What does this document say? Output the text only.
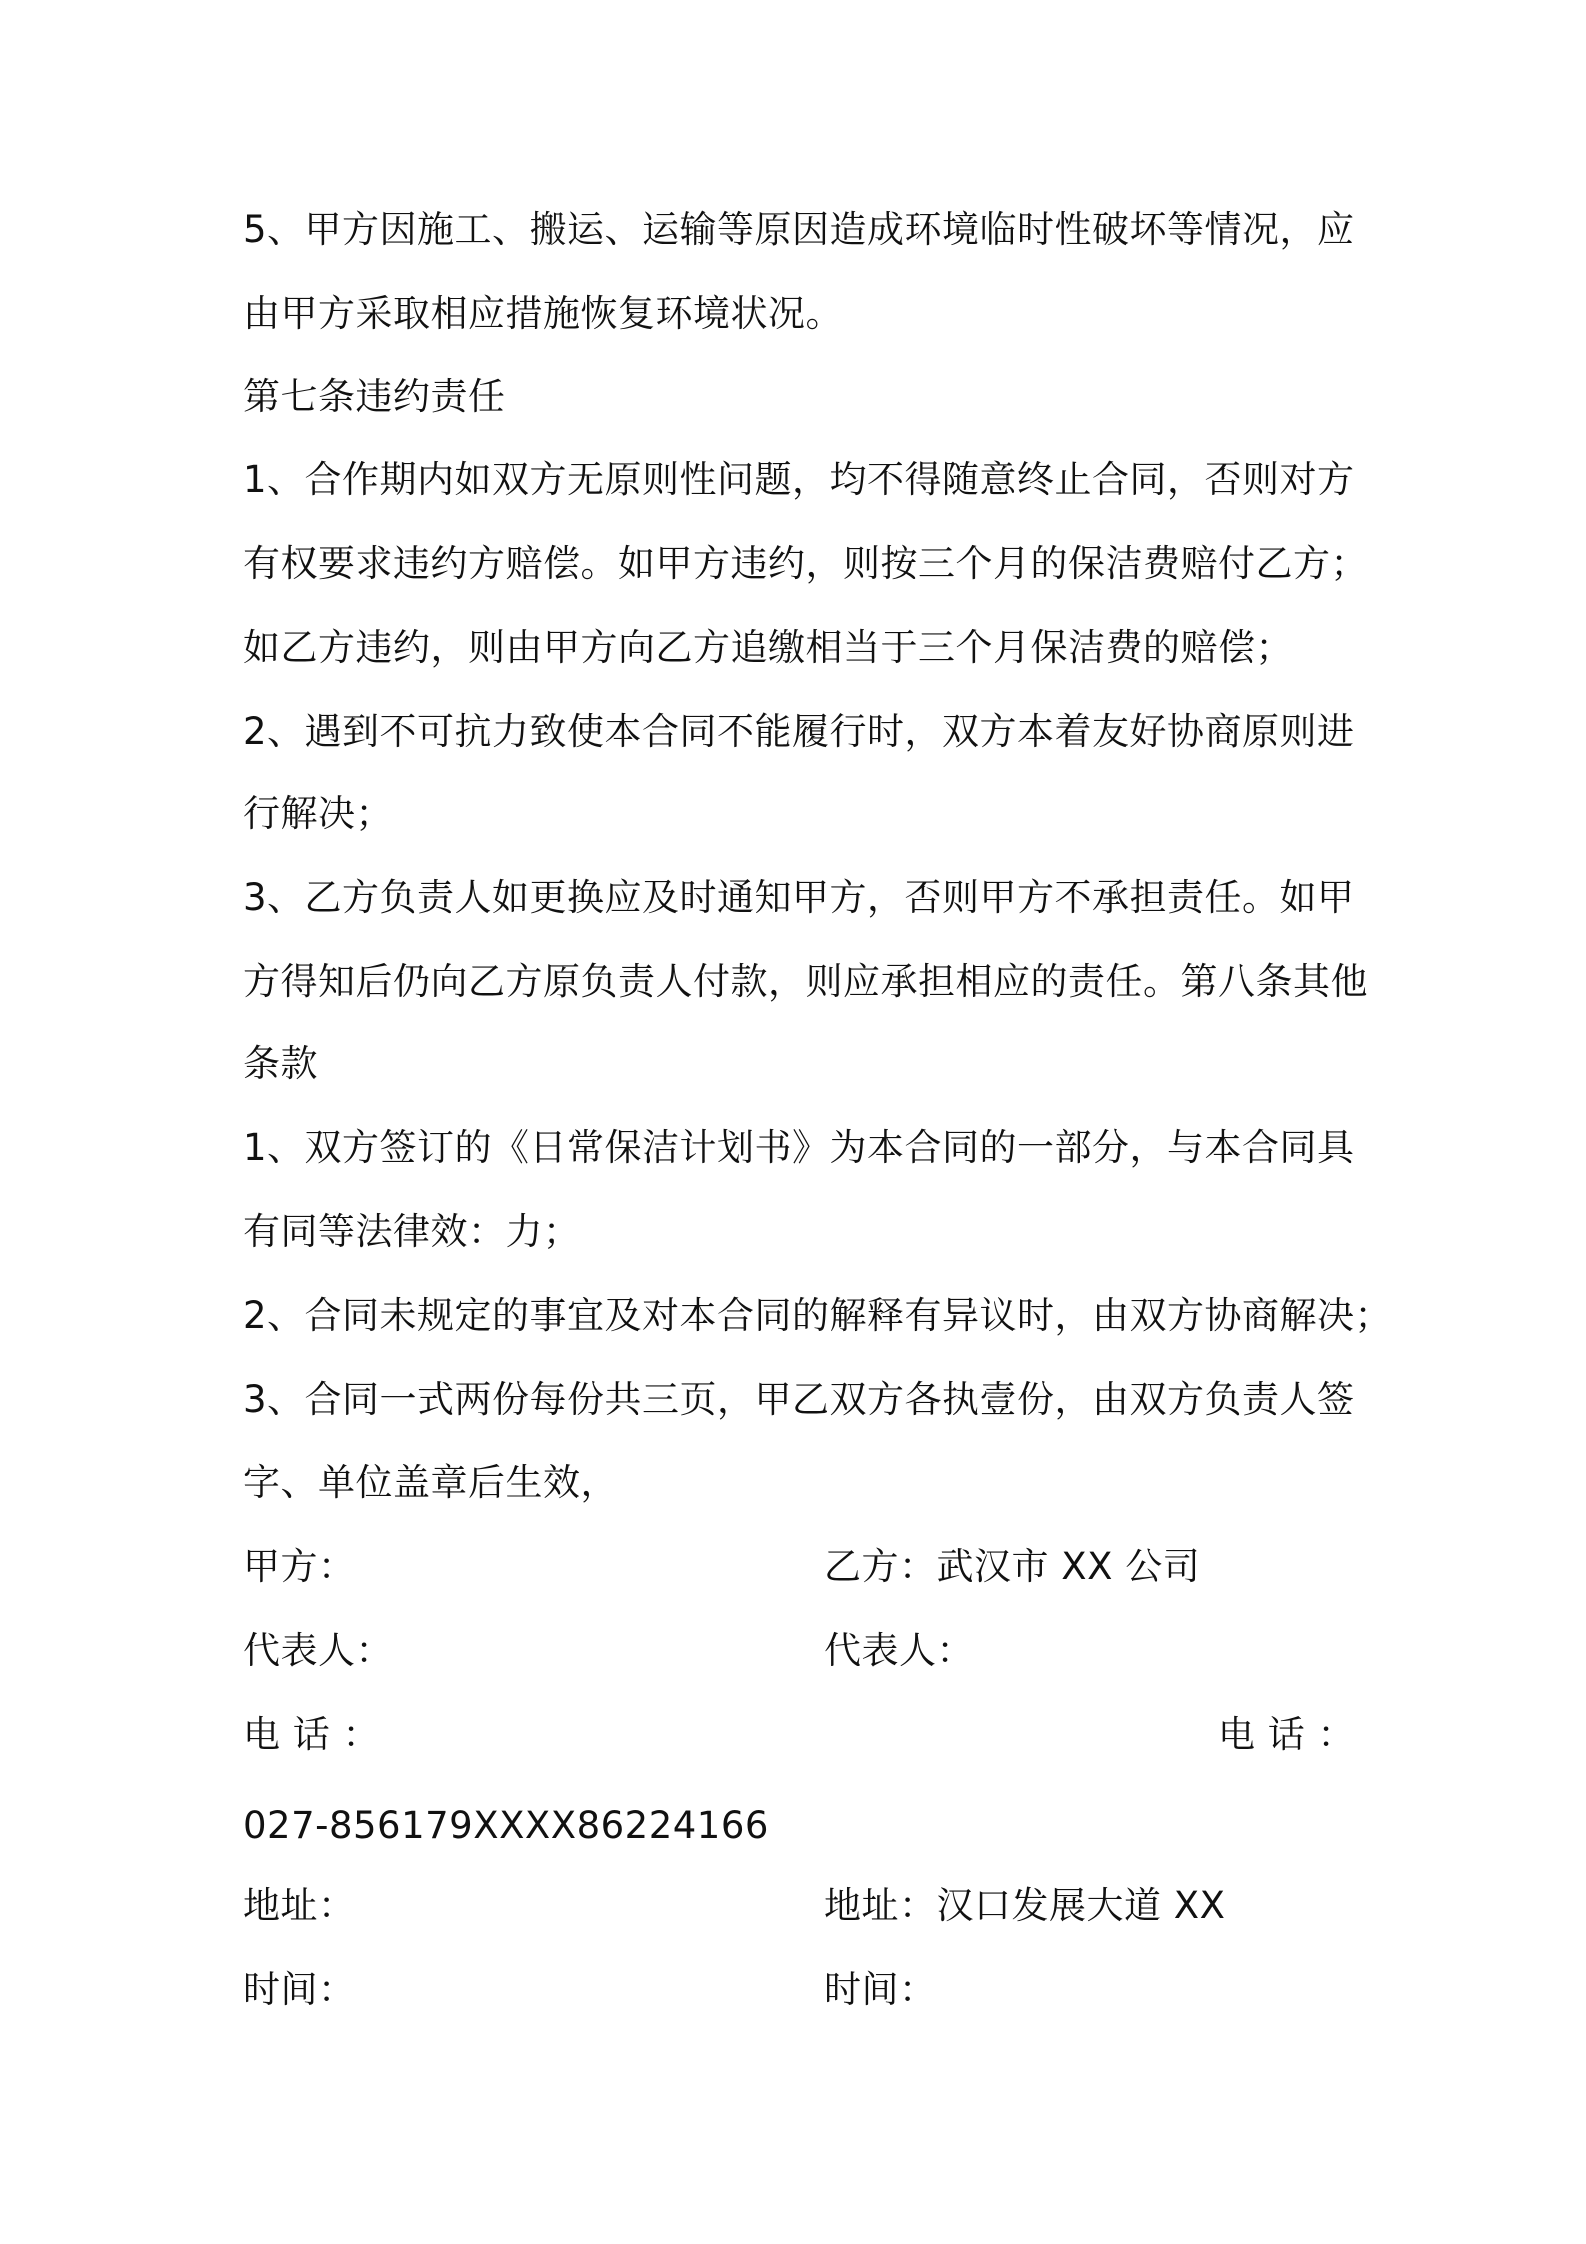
5、甲方因施工、搬运、运输等原因造成环境临时性破坏等情况，应
由甲方采取相应措施恢复环境状况。
第七条违约责任
1、合作期内如双方无原则性问题，均不得随意终止合同，否则对方
有权要求违约方赔偿。如甲方违约，则按三个月的保洁费赔付乙方；
如乙方违约，则由甲方向乙方追缴相当于三个月保洁费的赔偿；
2、遇到不可抗力致使本合同不能履行时，双方本着友好协商原则进
行解决；
3、乙方负责人如更换应及时通知甲方，否则甲方不承担责任。如甲
方得知后仍向乙方原负责人付款，则应承担相应的责任。第八条其他
条款
1、双方签订的《日常保洁计划书》为本合同的一部分，与本合同具
有同等法律效：力；
2、合同未规定的事宜及对本合同的解释有异议时，由双方协商解决；
3、合同一式两份每份共三页，甲乙双方各执壹份，由双方负责人签
字、单位盖章后生效，
甲方：	乙方：武汉市 XX 公司
代表人：	代表人：
电 话 ：	电 话 ：
027-856179XXXX86224166
地址：	地址：汉口发展大道 XX
时间：	时间：
